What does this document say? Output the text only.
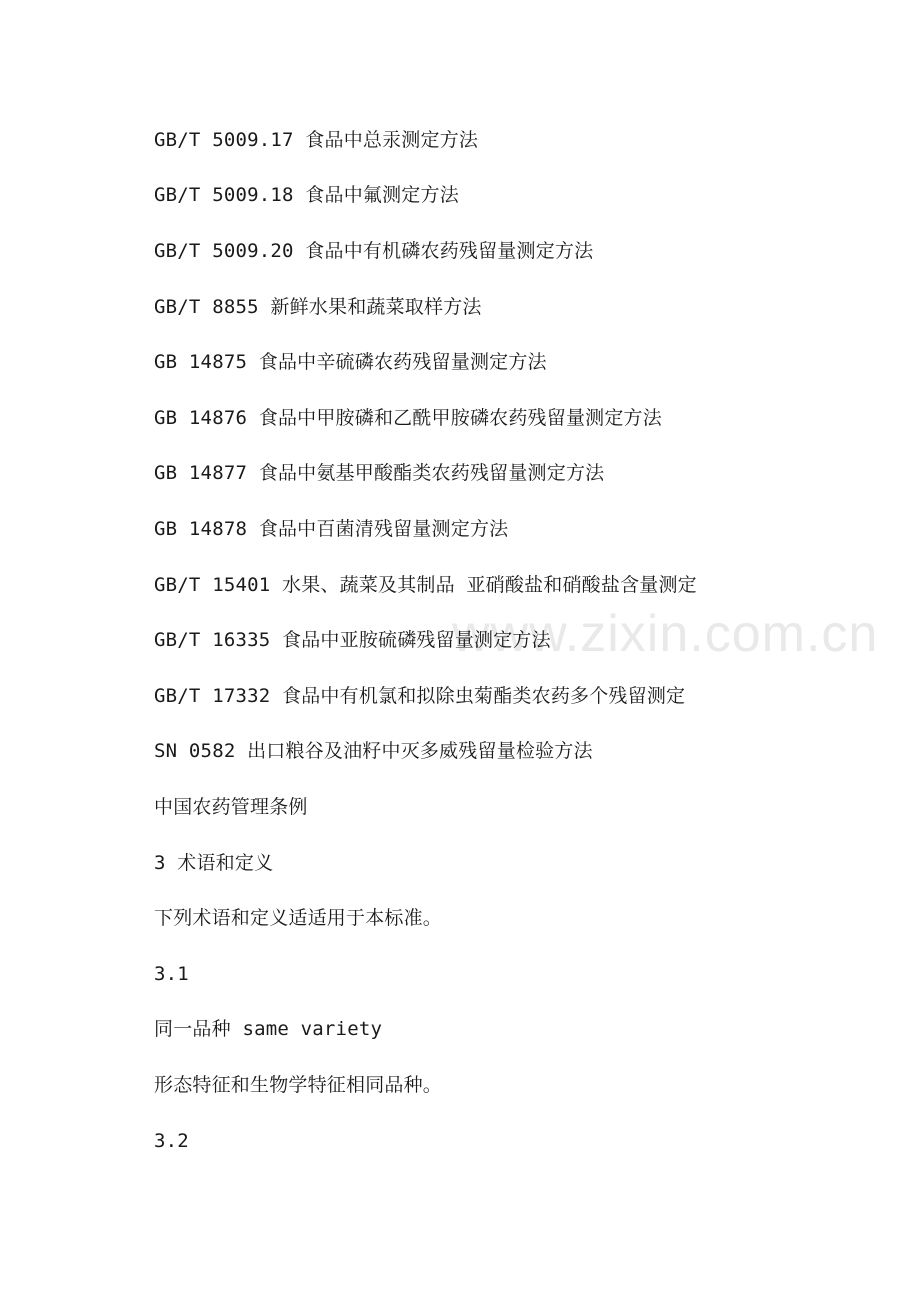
www.zixin.com.cn
GB/T 5009.17 食品中总汞测定方法
GB/T 5009.18 食品中氟测定方法
GB/T 5009.20 食品中有机磷农药残留量测定方法
GB/T 8855 新鲜水果和蔬菜取样方法
GB 14875 食品中辛硫磷农药残留量测定方法
GB 14876 食品中甲胺磷和乙酰甲胺磷农药残留量测定方法
GB 14877 食品中氨基甲酸酯类农药残留量测定方法
GB 14878 食品中百菌清残留量测定方法
GB/T 15401 水果、蔬菜及其制品 亚硝酸盐和硝酸盐含量测定
GB/T 16335 食品中亚胺硫磷残留量测定方法
GB/T 17332 食品中有机氯和拟除虫菊酯类农药多个残留测定
SN 0582 出口粮谷及油籽中灭多威残留量检验方法
中国农药管理条例
3 术语和定义
下列术语和定义适适用于本标准。
3.1
同一品种 same variety
形态特征和生物学特征相同品种。
3.2
